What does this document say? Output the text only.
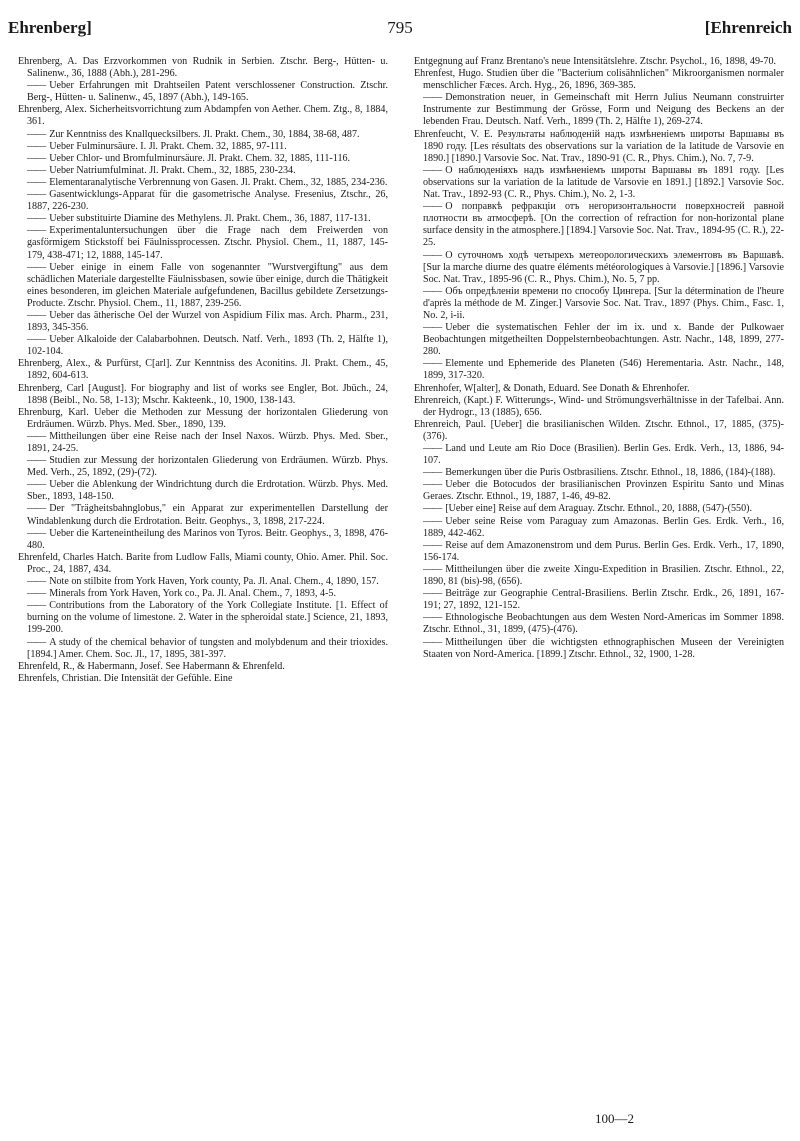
Ehrenberg]	795	[Ehrenreich

Ehrenberg, A. Das Erzvorkommen von Rudnik in Serbien. Ztschr. Berg-, Hütten- u. Salinenw., 36, 1888 (Abh.), 281-296.

—— Ueber Erfahrungen mit Drahtseilen Patent verschlossener Construction. Ztschr. Berg-, Hütten- u. Salinenw., 45, 1897 (Abh.), 149-165.

Ehrenberg, Alex. Sicherheitsvorrichtung zum Abdampfen von Aether. Chem. Ztg., 8, 1884, 361.

—— Zur Kenntniss des Knallquecksilbers. Jl. Prakt. Chem., 30, 1884, 38-68, 487.

—— Ueber Fulminursäure. I. Jl. Prakt. Chem. 32, 1885, 97-111.

—— Ueber Chlor- und Bromfulminursäure. Jl. Prakt. Chem. 32, 1885, 111-116.

—— Ueber Natriumfulminat. Jl. Prakt. Chem., 32, 1885, 230-234.

—— Elementaranalytische Verbrennung von Gasen. Jl. Prakt. Chem., 32, 1885, 234-236.

—— Gasentwicklungs-Apparat für die gasometrische Analyse. Fresenius, Ztschr., 26, 1887, 226-230.

—— Ueber substituirte Diamine des Methylens. Jl. Prakt. Chem., 36, 1887, 117-131.

—— Experimentaluntersuchungen über die Frage nach dem Freiwerden von gasförmigem Stickstoff bei Fäulnissprocessen. Ztschr. Physiol. Chem., 11, 1887, 145-179, 438-471; 12, 1888, 145-147.

—— Ueber einige in einem Falle von sogenannter "Wurstvergiftung" aus dem schädlichen Materiale dargestellte Fäulnissbasen, sowie über einige, durch die Thätigkeit eines besonderen, im gleichen Materiale aufgefundenen, Bacillus gebildete Zersetzungs-Producte. Ztschr. Physiol. Chem., 11, 1887, 239-256.

—— Ueber das ätherische Oel der Wurzel von Aspidium Filix mas. Arch. Pharm., 231, 1893, 345-356.

—— Ueber Alkaloide der Calabarbohnen. Deutsch. Natf. Verh., 1893 (Th. 2, Hälfte 1), 102-104.

Ehrenberg, Alex., & Purfürst, C[arl]. Zur Kenntniss des Aconitins. Jl. Prakt. Chem., 45, 1892, 604-613.

Ehrenberg, Carl [August]. For biography and list of works see Engler, Bot. Jbüch., 24, 1898 (Beibl., No. 58, 1-13); Mschr. Kakteenk., 10, 1900, 138-143.

Ehrenburg, Karl. Ueber die Methoden zur Messung der horizontalen Gliederung von Erdräumen. Würzb. Phys. Med. Sber., 1890, 139.

—— Mittheilungen über eine Reise nach der Insel Naxos. Würzb. Phys. Med. Sber., 1891, 24-25.

—— Studien zur Messung der horizontalen Gliederung von Erdräumen. Würzb. Phys. Med. Verh., 25, 1892, (29)-(72).

—— Ueber die Ablenkung der Windrichtung durch die Erdrotation. Würzb. Phys. Med. Sber., 1893, 148-150.

—— Der "Trägheitsbahnglobus," ein Apparat zur experimentellen Darstellung der Windablenkung durch die Erdrotation. Beitr. Geophys., 3, 1898, 217-224.

—— Ueber die Karteneintheilung des Marinos von Tyros. Beitr. Geophys., 3, 1898, 476-480.

Ehrenfeld, Charles Hatch. Barite from Ludlow Falls, Miami county, Ohio. Amer. Phil. Soc. Proc., 24, 1887, 434.

—— Note on stilbite from York Haven, York county, Pa. Jl. Anal. Chem., 4, 1890, 157.

—— Minerals from York Haven, York co., Pa. Jl. Anal. Chem., 7, 1893, 4-5.

—— Contributions from the Laboratory of the York Collegiate Institute. [1. Effect of burning on the volume of limestone. 2. Water in the spheroidal state.] Science, 21, 1893, 199-200.

—— A study of the chemical behavior of tungsten and molybdenum and their trioxides. [1894.] Amer. Chem. Soc. Jl., 17, 1895, 381-397.

Ehrenfeld, R., & Habermann, Josef. See Habermann & Ehrenfeld.

Ehrenfels, Christian. Die Intensität der Gefühle. Eine

Entgegnung auf Franz Brentano's neue Intensitätslehre. Ztschr. Psychol., 16, 1898, 49-70.

Ehrenfest, Hugo. Studien über die "Bacterium colisähnlichen" Mikroorganismen normaler menschlicher Fæces. Arch. Hyg., 26, 1896, 369-385.

—— Demonstration neuer, in Gemeinschaft mit Herrn Julius Neumann construirter Instrumente zur Bestimmung der Grösse, Form und Neigung des Beckens an der lebenden Frau. Deutsch. Natf. Verh., 1899 (Th. 2, Hälfte 1), 269-274.

Ehrenfeucht, V. E. Результаты наблюденій надъ измѣненіемъ широты Варшавы въ 1890 году. [Les résultats des observations sur la variation de la latitude de Varsovie en 1890.] [1890.] Varsovie Soc. Nat. Trav., 1890-91 (C. R., Phys. Chim.), No. 7, 7-9.

—— О наблюденіяхъ надъ измѣненіемъ широты Варшавы въ 1891 году. [Les observations sur la variation de la latitude de Varsovie en 1891.] [1892.] Varsovie Soc. Nat. Trav., 1892-93 (C. R., Phys. Chim.), No. 2, 1-3.

—— О поправкѣ рефракціи отъ негоризонтальности поверхностей равной плотности въ атмосферѣ. [On the correction of refraction for non-horizontal plane surface density in the atmosphere.] [1894.] Varsovie Soc. Nat. Trav., 1894-95 (C. R.), 22-25.

—— О суточномъ ходѣ четырехъ метеорологическихъ элементовъ въ Варшавѣ. [Sur la marche diurne des quatre éléments météorologiques à Varsovie.] [1896.] Varsovie Soc. Nat. Trav., 1895-96 (C. R., Phys. Chim.), No. 5, 7 pp.

—— Объ опредѣленіи времени по способу Цингера. [Sur la détermination de l'heure d'après la méthode de M. Zinger.] Varsovie Soc. Nat. Trav., 1897 (Phys. Chim., Fasc. 1, No. 2, i-ii.

—— Ueber die systematischen Fehler der im ix. und x. Bande der Pulkowaer Beobachtungen mitgetheilten Doppelsternbeobachtungen. Astr. Nachr., 148, 1899, 277-280.

—— Elemente und Ephemeride des Planeten (546) Herementaria. Astr. Nachr., 148, 1899, 317-320.

Ehrenhofer, W[alter], & Donath, Eduard. See Donath & Ehrenhofer.

Ehrenreich, (Kapt.) F. Witterungs-, Wind- und Strömungsverhältnisse in der Tafelbai. Ann. der Hydrogr., 13 (1885), 656.

Ehrenreich, Paul. [Ueber] die brasilianischen Wilden. Ztschr. Ethnol., 17, 1885, (375)-(376).

—— Land und Leute am Rio Doce (Brasilien). Berlin Ges. Erdk. Verh., 13, 1886, 94-107.

—— Bemerkungen über die Puris Ostbrasiliens. Ztschr. Ethnol., 18, 1886, (184)-(188).

—— Ueber die Botocudos der brasilianischen Provinzen Espiritu Santo und Minas Geraes. Ztschr. Ethnol., 19, 1887, 1-46, 49-82.

—— [Ueber eine] Reise auf dem Araguay. Ztschr. Ethnol., 20, 1888, (547)-(550).

—— Ueber seine Reise vom Paraguay zum Amazonas. Berlin Ges. Erdk. Verh., 16, 1889, 442-462.

—— Reise auf dem Amazonenstrom und dem Purus. Berlin Ges. Erdk. Verh., 17, 1890, 156-174.

—— Mittheilungen über die zweite Xingu-Expedition in Brasilien. Ztschr. Ethnol., 22, 1890, 81 (bis)-98, (656).

—— Beiträge zur Geographie Central-Brasiliens. Berlin Ztschr. Erdk., 26, 1891, 167-191; 27, 1892, 121-152.

—— Ethnologische Beobachtungen aus dem Westen Nord-Americas im Sommer 1898. Ztschr. Ethnol., 31, 1899, (475)-(476).

—— Mittheilungen über die wichtigsten ethnographischen Museen der Vereinigten Staaten von Nord-America. [1899.] Ztschr. Ethnol., 32, 1900, 1-28.

100—2
